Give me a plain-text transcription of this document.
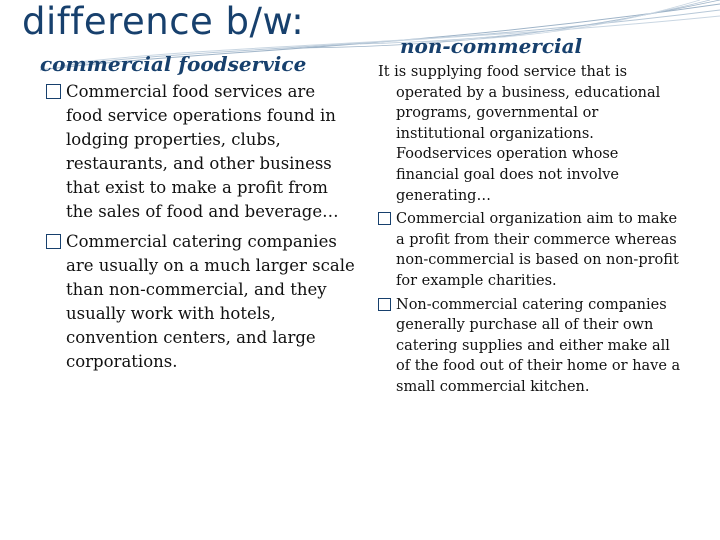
difference b/w:
commercial foodservice
non-commercial
Commercial food services are food service operations found in lodging properties, clubs, restaurants, and other business that exist to make a profit from the sales of food and beverage…
Commercial catering companies are usually on a much larger scale than non-commercial, and they usually work with hotels, convention centers, and large corporations.

It is supplying food service that is operated by a business, educational programs, governmental or institutional organizations. Foodservices operation whose financial goal does not involve generating…

Commercial organization aim to make a profit from their commerce whereas non-commercial is based on non-profit for example charities.
Non-commercial catering companies generally purchase all of their own catering supplies and either make all of the food out of their home or have a small commercial kitchen.
